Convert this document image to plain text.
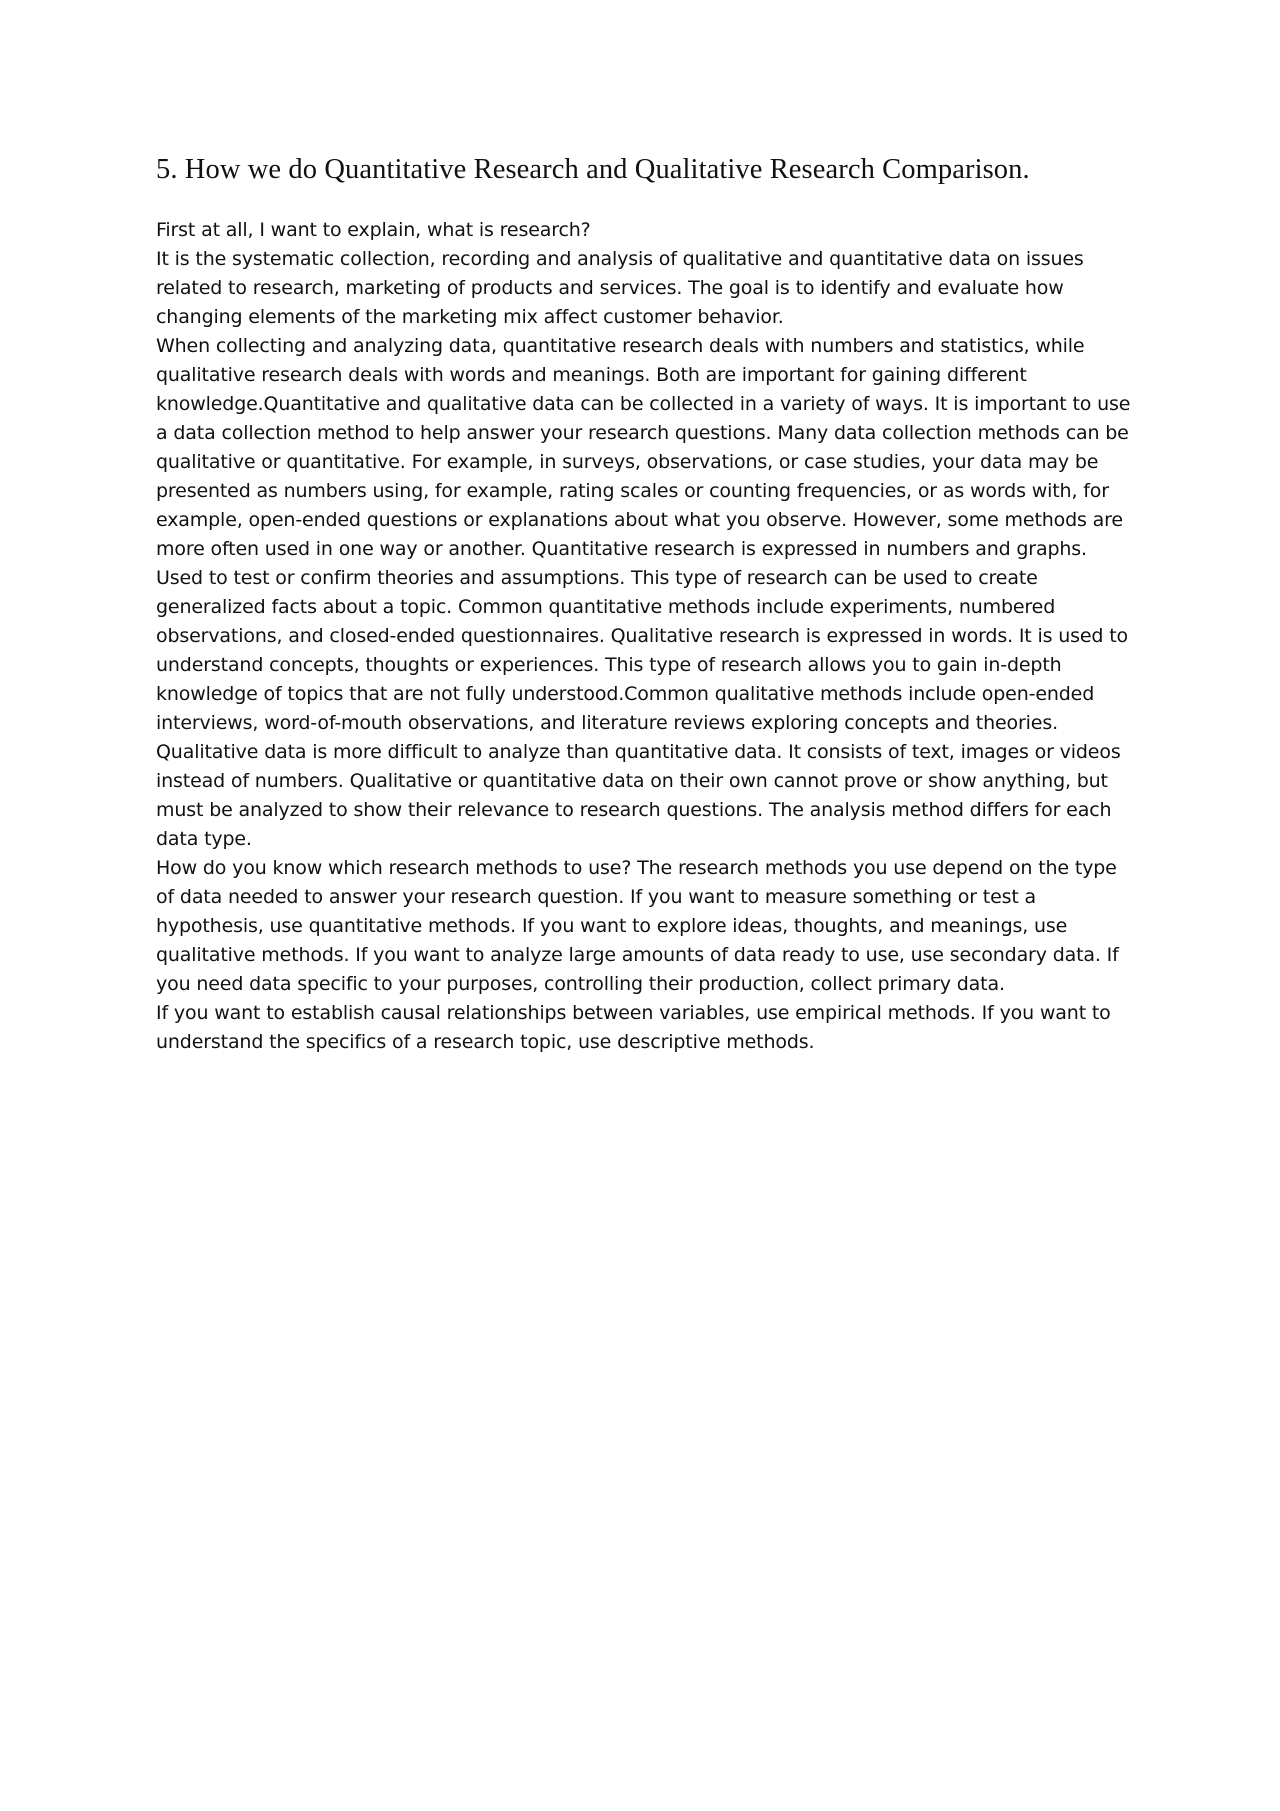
5. How we do Quantitative Research and Qualitative Research Comparison.

First at all, I want to explain, what is research?

It is the systematic collection, recording and analysis of qualitative and quantitative data on issues related to research, marketing of products and services. The goal is to identify and evaluate how changing elements of the marketing mix affect customer behavior.

When collecting and analyzing data, quantitative research deals with numbers and statistics, while qualitative research deals with words and meanings. Both are important for gaining different knowledge.Quantitative and qualitative data can be collected in a variety of ways. It is important to use a data collection method to help answer your research questions. Many data collection methods can be qualitative or quantitative. For example, in surveys, observations, or case studies, your data may be presented as numbers using, for example, rating scales or counting frequencies, or as words with, for example, open-ended questions or explanations about what you observe. However, some methods are more often used in one way or another. Quantitative research is expressed in numbers and graphs. Used to test or confirm theories and assumptions. This type of research can be used to create generalized facts about a topic. Common quantitative methods include experiments, numbered observations, and closed-ended questionnaires. Qualitative research is expressed in words. It is used to understand concepts, thoughts or experiences. This type of research allows you to gain in-depth knowledge of topics that are not fully understood.Common qualitative methods include open-ended interviews, word-of-mouth observations, and literature reviews exploring concepts and theories. Qualitative data is more difficult to analyze than quantitative data. It consists of text, images or videos instead of numbers. Qualitative or quantitative data on their own cannot prove or show anything, but must be analyzed to show their relevance to research questions. The analysis method differs for each data type.

How do you know which research methods to use? The research methods you use depend on the type of data needed to answer your research question. If you want to measure something or test a hypothesis, use quantitative methods. If you want to explore ideas, thoughts, and meanings, use qualitative methods. If you want to analyze large amounts of data ready to use, use secondary data. If you need data specific to your purposes, controlling their production, collect primary data.

If you want to establish causal relationships between variables, use empirical methods. If you want to understand the specifics of a research topic, use descriptive methods.
